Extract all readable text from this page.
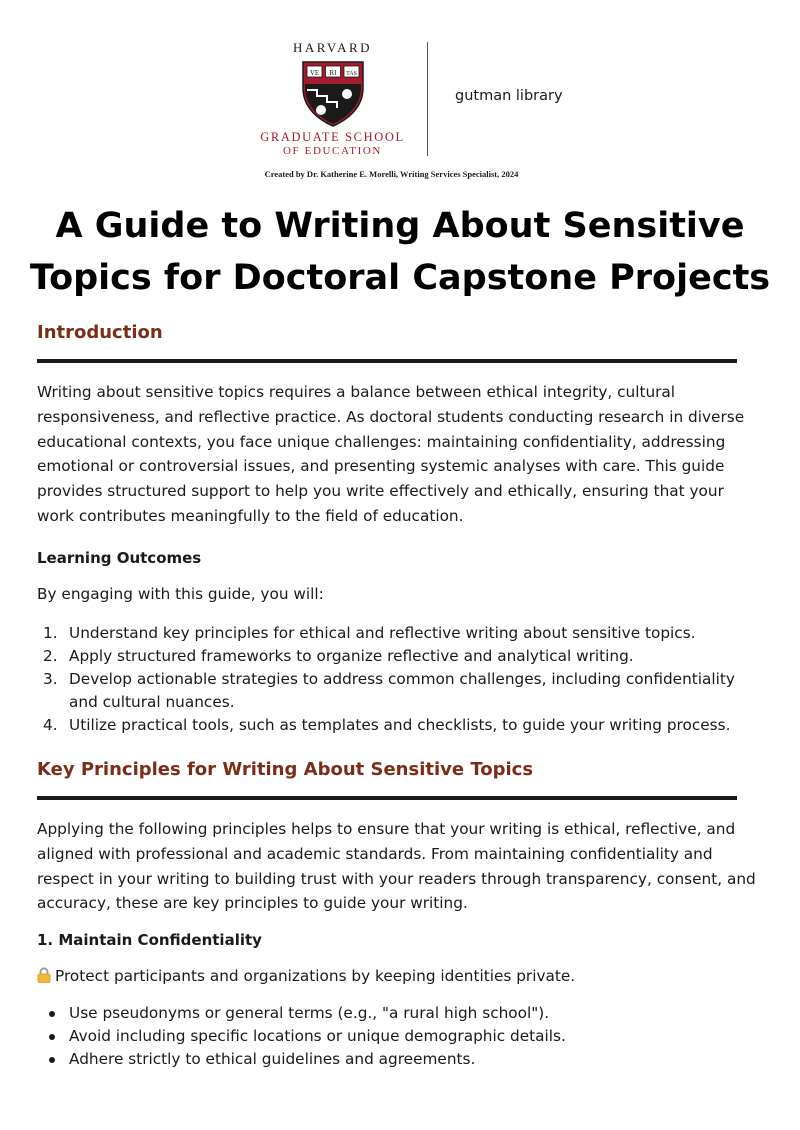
HARVARD
VE RI TAS
GRADUATE SCHOOL
OF EDUCATION
gutman library
Created by Dr. Katherine E. Morelli, Writing Services Specialist, 2024
A Guide to Writing About Sensitive
Topics for Doctoral Capstone Projects
Introduction

Writing about sensitive topics requires a balance between ethical integrity, cultural
responsiveness, and reflective practice. As doctoral students conducting research in diverse
educational contexts, you face unique challenges: maintaining confidentiality, addressing
emotional or controversial issues, and presenting systemic analyses with care. This guide
provides structured support to help you write effectively and ethically, ensuring that your
work contributes meaningfully to the field of education.

Learning Outcomes

By engaging with this guide, you will:

1. Understand key principles for ethical and reflective writing about sensitive topics.
2. Apply structured frameworks to organize reflective and analytical writing.
3. Develop actionable strategies to address common challenges, including confidentiality
and cultural nuances.
4. Utilize practical tools, such as templates and checklists, to guide your writing process.
Key Principles for Writing About Sensitive Topics

Applying the following principles helps to ensure that your writing is ethical, reflective, and
aligned with professional and academic standards. From maintaining confidentiality and
respect in your writing to building trust with your readers through transparency, consent, and
accuracy, these are key principles to guide your writing.

1. Maintain Confidentiality

Protect participants and organizations by keeping identities private.

Use pseudonyms or general terms (e.g., "a rural high school").
Avoid including specific locations or unique demographic details.
Adhere strictly to ethical guidelines and agreements.
